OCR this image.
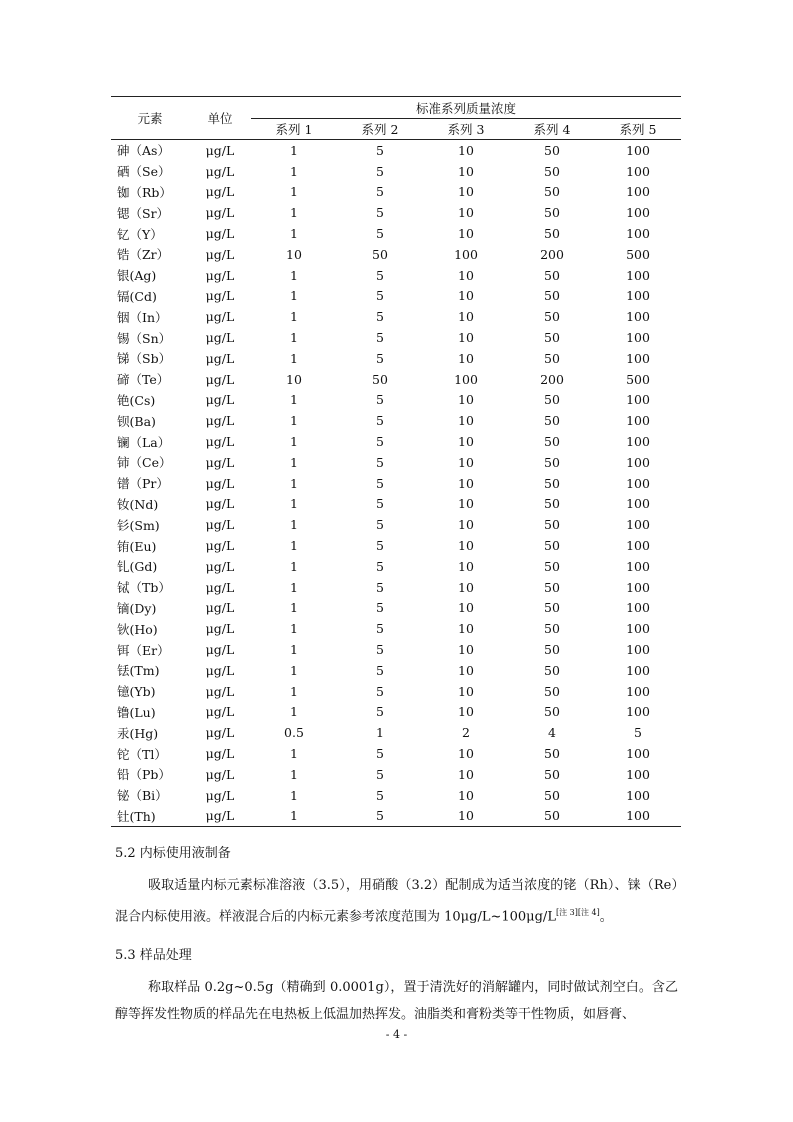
元素	单位	标准系列质量浓度				
		系列 1	系列 2	系列 3	系列 4	系列 5
砷（As）	μg/L	1	5	10	50	100
硒（Se）	μg/L	1	5	10	50	100
铷（Rb）	μg/L	1	5	10	50	100
锶（Sr）	μg/L	1	5	10	50	100
钇（Y）	μg/L	1	5	10	50	100
锆（Zr）	μg/L	10	50	100	200	500
银(Ag)	μg/L	1	5	10	50	100
镉(Cd)	μg/L	1	5	10	50	100
铟（In）	μg/L	1	5	10	50	100
锡（Sn）	μg/L	1	5	10	50	100
锑（Sb）	μg/L	1	5	10	50	100
碲（Te）	μg/L	10	50	100	200	500
铯(Cs)	μg/L	1	5	10	50	100
钡(Ba)	μg/L	1	5	10	50	100
镧（La）	μg/L	1	5	10	50	100
铈（Ce）	μg/L	1	5	10	50	100
镨（Pr）	μg/L	1	5	10	50	100
钕(Nd)	μg/L	1	5	10	50	100
钐(Sm)	μg/L	1	5	10	50	100
铕(Eu)	μg/L	1	5	10	50	100
钆(Gd)	μg/L	1	5	10	50	100
铽（Tb）	μg/L	1	5	10	50	100
镝(Dy)	μg/L	1	5	10	50	100
钬(Ho)	μg/L	1	5	10	50	100
铒（Er）	μg/L	1	5	10	50	100
铥(Tm)	μg/L	1	5	10	50	100
镱(Yb)	μg/L	1	5	10	50	100
镥(Lu)	μg/L	1	5	10	50	100
汞(Hg)	μg/L	0.5	1	2	4	5
铊（Tl）	μg/L	1	5	10	50	100
铅（Pb）	μg/L	1	5	10	50	100
铋（Bi）	μg/L	1	5	10	50	100
钍(Th)	μg/L	1	5	10	50	100
5.2 内标使用液制备

吸取适量内标元素标准溶液（3.5），用硝酸（3.2）配制成为适当浓度的铑（Rh）、铼（Re）混合内标使用液。样液混合后的内标元素参考浓度范围为 10μg/L~100μg/L[注 3][注 4]。

5.3 样品处理

称取样品 0.2g~0.5g（精确到 0.0001g），置于清洗好的消解罐内，同时做试剂空白。含乙醇等挥发性物质的样品先在电热板上低温加热挥发。油脂类和膏粉类等干性物质，如唇膏、

- 4 -
